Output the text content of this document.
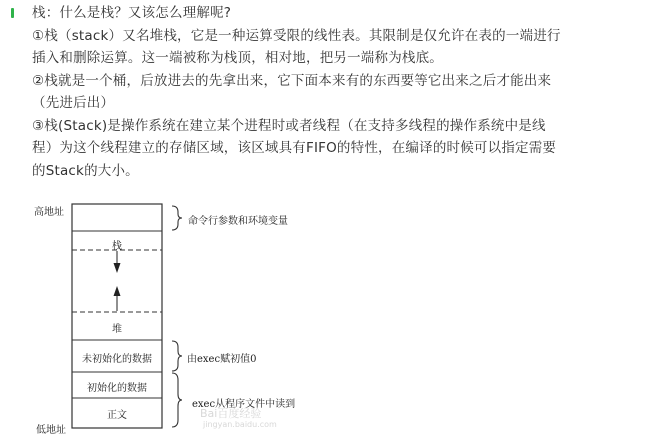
栈：什么是栈？又该怎么理解呢?

①栈（stack）又名堆栈，它是一种运算受限的线性表。其限制是仅允许在表的一端进行

插入和删除运算。这一端被称为栈顶，相对地，把另一端称为栈底。

②栈就是一个桶，后放进去的先拿出来，它下面本来有的东西要等它出来之后才能出来

（先进后出）

③栈(Stack)是操作系统在建立某个进程时或者线程（在支持多线程的操作系统中是线

程）为这个线程建立的存储区域，该区域具有FIFO的特性，在编译的时候可以指定需要

的Stack的大小。

高地址
低地址
栈
堆
未初始化的数据
初始化的数据
正文
命令行参数和环境变量
由exec赋初值0
exec从程序文件中读到
Bai百度经验
jingyan.baidu.com
